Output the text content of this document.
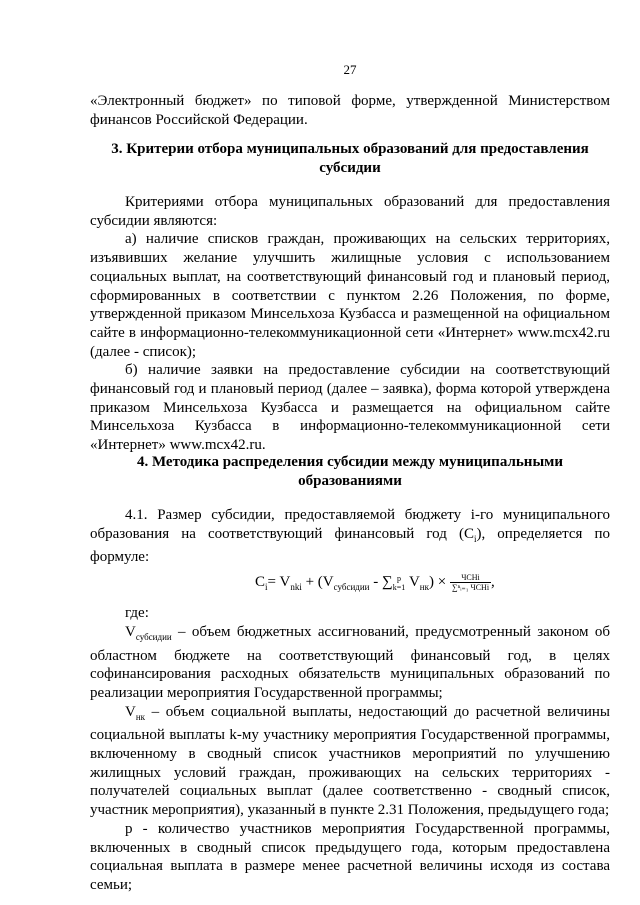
27

«Электронный бюджет» по типовой форме, утвержденной Министерством финансов Российской Федерации.

3. Критерии отбора муниципальных образований для предоставления субсидии

Критериями отбора муниципальных образований для предоставления субсидии являются:

а) наличие списков граждан, проживающих на сельских территориях, изъявивших желание улучшить жилищные условия с использованием социальных выплат, на соответствующий финансовый год и плановый период, сформированных в соответствии с пунктом 2.26 Положения, по форме, утвержденной приказом Минсельхоза Кузбасса и размещенной на официальном сайте в информационно-телекоммуникационной сети «Интернет» www.mcx42.ru (далее - список);

б) наличие заявки на предоставление субсидии на соответствующий финансовый год и плановый период (далее – заявка), форма которой утверждена приказом Минсельхоза Кузбасса и размещается на официальном сайте Минсельхоза Кузбасса в информационно-телекоммуникационной сети «Интернет» www.mcx42.ru.

4. Методика распределения субсидии между муниципальными образованиями

4.1. Размер субсидии, предоставляемой бюджету i-го муниципального образования на соответствующий финансовый год $(C_i)$, определяется по формуле:

$C_i= V_{nki} + (V_{субсидии}$ - ∑ p
k=1 $V_{нк}) \times \frac{\text{ЧСНi}}{\text{∑ⁿᵢ₌₁ ЧСНi}}$ ,

где:

$V_{субсидии}$ – объем бюджетных ассигнований, предусмотренный законом об областном бюджете на соответствующий финансовый год, в целях софинансирования расходных обязательств муниципальных образований по реализации мероприятия Государственной программы;

$V_{нк}$ – объем социальной выплаты, недостающий до расчетной величины социальной выплаты k-му участнику мероприятия Государственной программы, включенному в сводный список участников мероприятий по улучшению жилищных условий граждан, проживающих на сельских территориях - получателей социальных выплат (далее соответственно - сводный список, участник мероприятия), указанный в пункте 2.31 Положения, предыдущего года;

p - количество участников мероприятия Государственной программы, включенных в сводный список предыдущего года, которым предоставлена социальная выплата в размере менее расчетной величины исходя из состава семьи;
